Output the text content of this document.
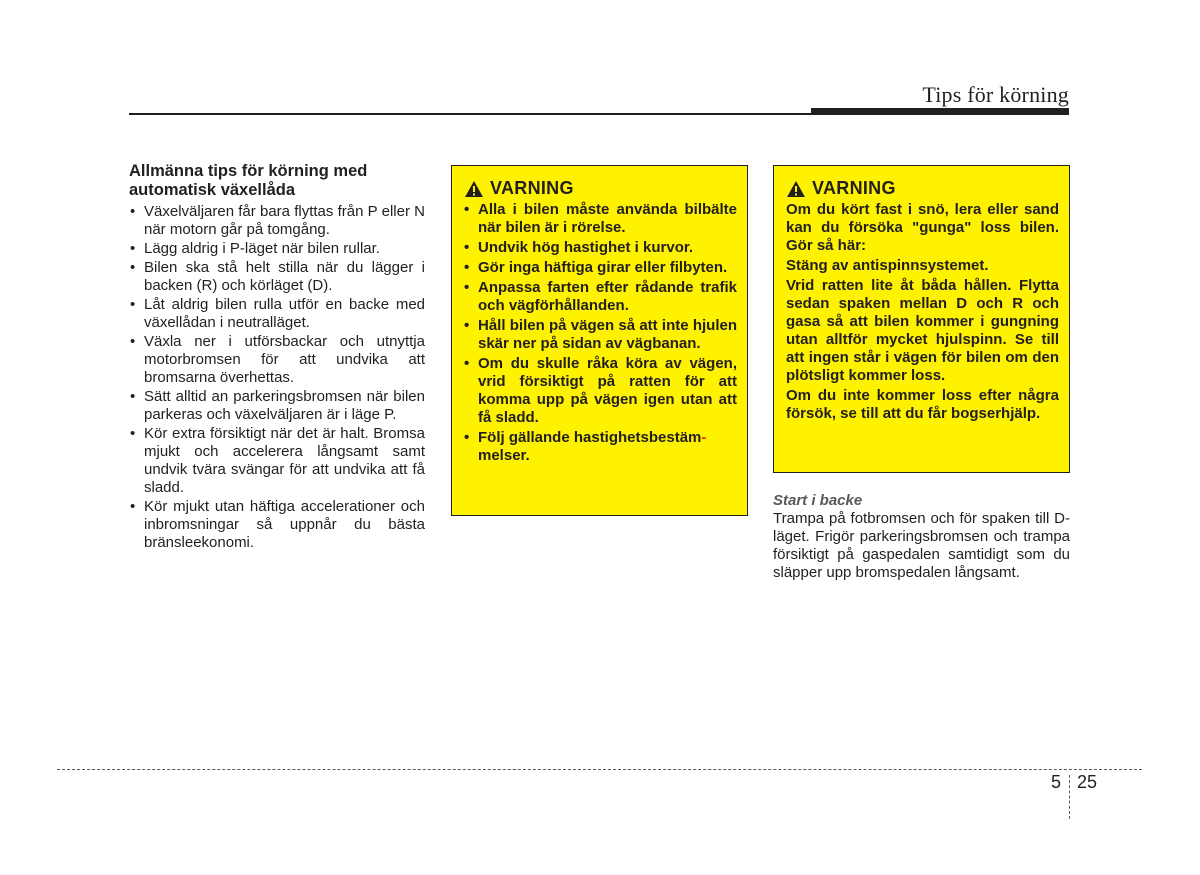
Tips för körning
Allmänna tips för körning med automatisk växellåda
• Växelväljaren får bara flyttas från P eller N när motorn går på tomgång.
• Lägg aldrig i P-läget när bilen rullar.
• Bilen ska stå helt stilla när du lägger i backen (R) och körläget (D).
• Låt aldrig bilen rulla utför en backe med växellådan i neutralläget.
• Växla ner i utförsbackar och utnyttja motorbromsen för att undvika att bromsarna överhettas.
• Sätt alltid an parkeringsbromsen när bilen parkeras och växelväljaren är i läge P.
• Kör extra försiktigt när det är halt. Bromsa mjukt och accelerera långsamt samt undvik tvära svängar för att undvika att få sladd.
• Kör mjukt utan häftiga accelerationer och inbromsningar så uppnår du bästa bränsleekonomi.
VARNING
• Alla i bilen måste använda bilbälte när bilen är i rörelse.
• Undvik hög hastighet i kurvor.
• Gör inga häftiga girar eller filbyten.
• Anpassa farten efter rådande trafik och vägförhållanden.
• Håll bilen på vägen så att inte hjulen skär ner på sidan av vägbanan.
• Om du skulle råka köra av vägen, vrid försiktigt på ratten för att komma upp på vägen igen utan att få sladd.
• Följ gällande hastighetsbestäm-
melser.
VARNING

Om du kört fast i snö, lera eller sand kan du försöka "gunga" loss bilen. Gör så här:

Stäng av antispinnsystemet.

Vrid ratten lite åt båda hållen. Flytta sedan spaken mellan D och R och gasa så att bilen kommer i gungning utan alltför mycket hjulspinn. Se till att ingen står i vägen för bilen om den plötsligt kommer loss.

Om du inte kommer loss efter några försök, se till att du får bogserhjälp.

Start i backe

Trampa på fotbromsen och för spaken till D-läget. Frigör parkeringsbromsen och trampa försiktigt på gaspedalen samtidigt som du släpper upp bromspedalen långsamt.

5 25
